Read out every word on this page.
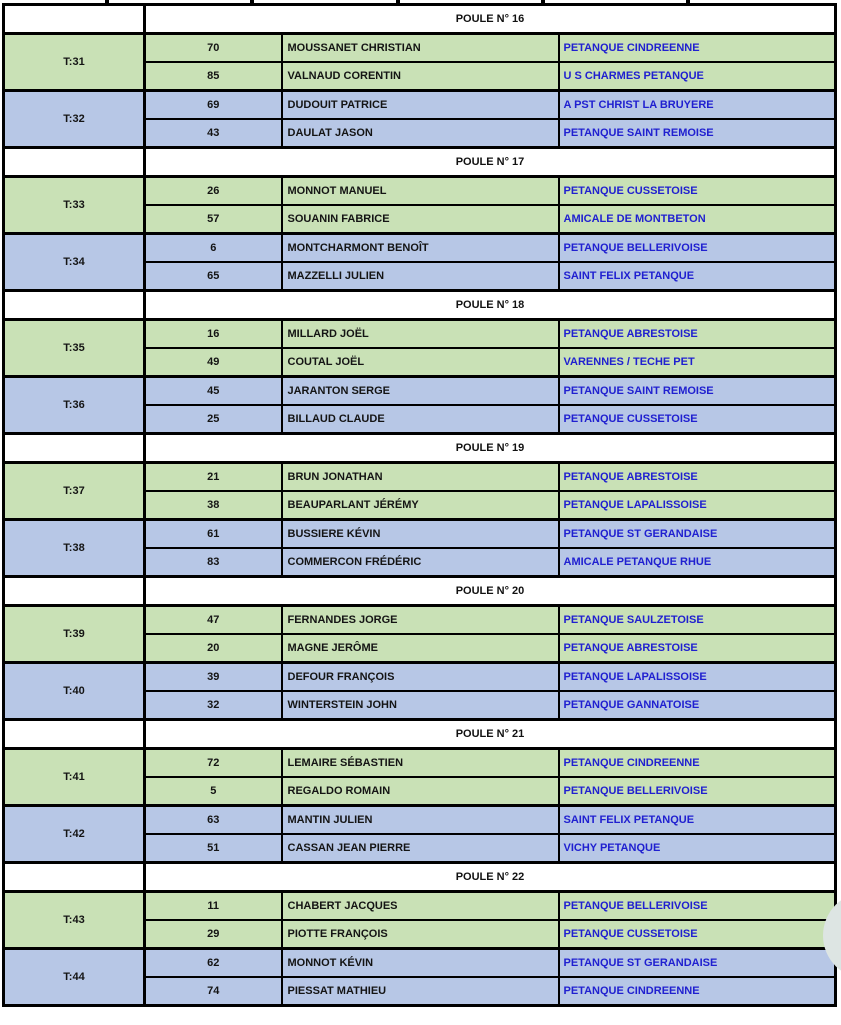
	POULE N° 16		
T:31	70	MOUSSANET CHRISTIAN	PETANQUE CINDREENNE
	85	VALNAUD CORENTIN	U S CHARMES PETANQUE
T:32	69	DUDOUIT PATRICE	A PST CHRIST LA BRUYERE
	43	DAULAT JASON	PETANQUE SAINT REMOISE
	POULE N° 17		
T:33	26	MONNOT MANUEL	PETANQUE CUSSETOISE
	57	SOUANIN FABRICE	AMICALE DE MONTBETON
T:34	6	MONTCHARMONT BENOÎT	PETANQUE BELLERIVOISE
	65	MAZZELLI JULIEN	SAINT FELIX PETANQUE
	POULE N° 18		
T:35	16	MILLARD JOËL	PETANQUE ABRESTOISE
	49	COUTAL JOËL	VARENNES / TECHE PET
T:36	45	JARANTON SERGE	PETANQUE SAINT REMOISE
	25	BILLAUD CLAUDE	PETANQUE CUSSETOISE
	POULE N° 19		
T:37	21	BRUN JONATHAN	PETANQUE ABRESTOISE
	38	BEAUPARLANT JÉRÉMY	PETANQUE LAPALISSOISE
T:38	61	BUSSIERE KÉVIN	PETANQUE ST GERANDAISE
	83	COMMERCON FRÉDÉRIC	AMICALE PETANQUE RHUE
	POULE N° 20		
T:39	47	FERNANDES JORGE	PETANQUE SAULZETOISE
	20	MAGNE JERÔME	PETANQUE ABRESTOISE
T:40	39	DEFOUR FRANÇOIS	PETANQUE LAPALISSOISE
	32	WINTERSTEIN JOHN	PETANQUE GANNATOISE
	POULE N° 21		
T:41	72	LEMAIRE SÉBASTIEN	PETANQUE CINDREENNE
	5	REGALDO ROMAIN	PETANQUE BELLERIVOISE
T:42	63	MANTIN JULIEN	SAINT FELIX PETANQUE
	51	CASSAN JEAN PIERRE	VICHY PETANQUE
	POULE N° 22		
T:43	11	CHABERT JACQUES	PETANQUE BELLERIVOISE
	29	PIOTTE FRANÇOIS	PETANQUE CUSSETOISE
T:44	62	MONNOT KÉVIN	PETANQUE ST GERANDAISE
	74	PIESSAT MATHIEU	PETANQUE CINDREENNE
